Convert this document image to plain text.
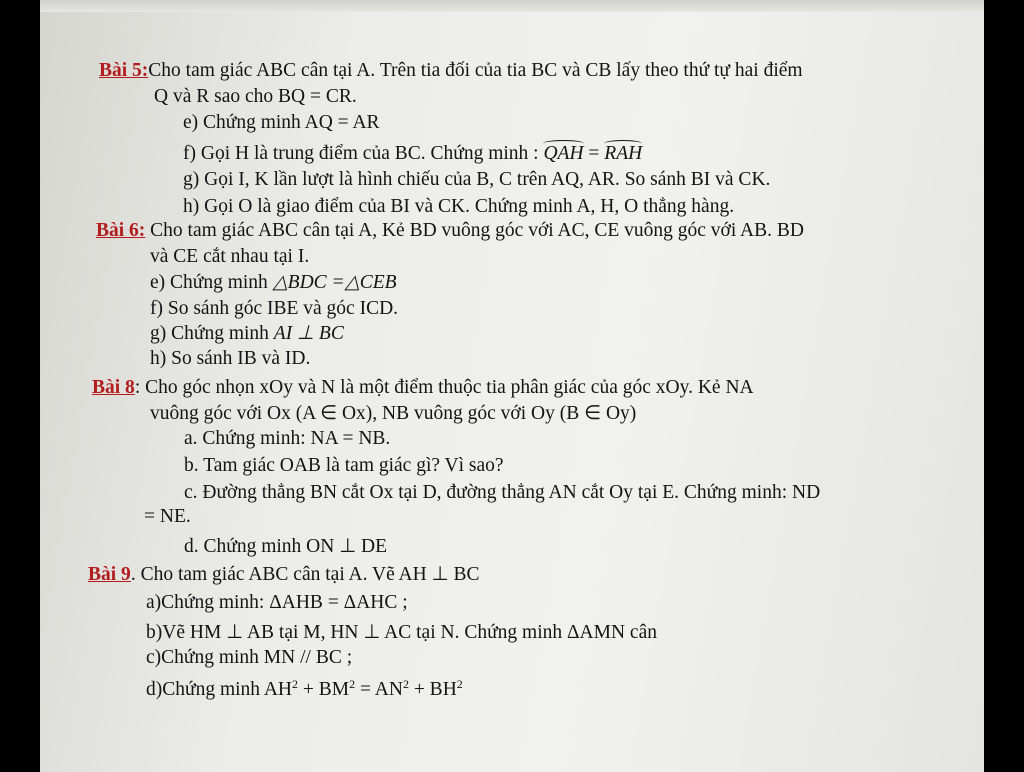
Bài 5:Cho tam giác ABC cân tại A. Trên tia đối của tia BC và CB lấy theo thứ tự hai điểm
Q và R sao cho BQ = CR.
e) Chứng minh AQ = AR
f) Gọi H là trung điểm của BC. Chứng minh : QAH = RAH
g) Gọi I, K lần lượt là hình chiếu của B, C trên AQ, AR. So sánh BI và CK.
h) Gọi O là giao điểm của BI và CK. Chứng minh A, H, O thẳng hàng.
Bài 6: Cho tam giác ABC cân tại A, Kẻ BD vuông góc với AC, CE vuông góc với AB. BD
và CE cắt nhau tại I.
e) Chứng minh △BDC =△CEB
f) So sánh góc IBE và góc ICD.
g) Chứng minh AI ⊥ BC
h) So sánh IB và ID.
Bài 8: Cho góc nhọn xOy và N là một điểm thuộc tia phân giác của góc xOy. Kẻ NA
vuông góc với Ox (A ∈ Ox), NB vuông góc với Oy (B ∈ Oy)
a. Chứng minh: NA = NB.
b. Tam giác OAB là tam giác gì? Vì sao?
c. Đường thẳng BN cắt Ox tại D, đường thẳng AN cắt Oy tại E. Chứng minh: ND
= NE.
d. Chứng minh ON ⊥ DE
Bài 9. Cho tam giác ABC cân tại A. Vẽ AH ⊥ BC
a)Chứng minh: ΔAHB = ΔAHC ;
b)Vẽ HM ⊥ AB tại M, HN ⊥ AC tại N. Chứng minh ΔAMN cân
c)Chứng minh MN // BC ;
d)Chứng minh $AH^2 + BM^2 = AN^2 + BH^2$
